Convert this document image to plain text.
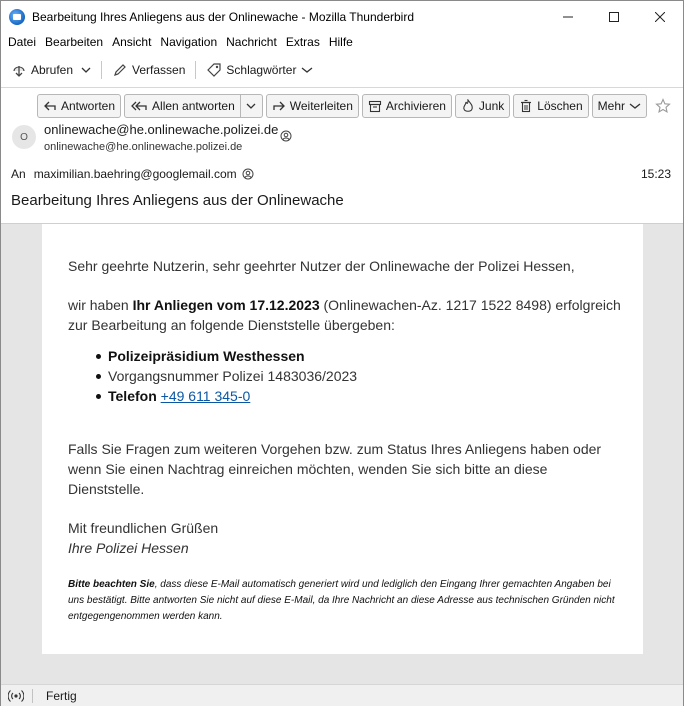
Bearbeitung Ihres Anliegens aus der Onlinewache - Mozilla Thunderbird
Datei Bearbeiten Ansicht Navigation Nachricht Extras Hilfe
Abrufen	Verfassen	Schlagwörter
Antworten	Allen antworten	Weiterleiten	Archivieren	Junk	Löschen Mehr
O	onlinewache@he.onlinewache.polizei.de
onlinewache@he.onlinewache.polizei.de
An maximilian.baehring@googlemail.com	15:23
Bearbeitung Ihres Anliegens aus der Onlinewache

Sehr geehrte Nutzerin, sehr geehrter Nutzer der Onlinewache der Polizei Hessen,

wir haben Ihr Anliegen vom 17.12.2023 (Onlinewachen-Az. 1217 1522 8498) erfolgreich zur Bearbeitung an folgende Dienststelle übergeben:

Polizeipräsidium Westhessen
Vorgangsnummer Polizei 1483036/2023
Telefon +49 611 345-0

Falls Sie Fragen zum weiteren Vorgehen bzw. zum Status Ihres Anliegens haben oder wenn Sie einen Nachtrag einreichen möchten, wenden Sie sich bitte an diese Dienststelle.

Mit freundlichen Grüßen

Ihre Polizei Hessen

Bitte beachten Sie, dass diese E-Mail automatisch generiert wird und lediglich den Eingang Ihrer gemachten Angaben bei uns bestätigt. Bitte antworten Sie nicht auf diese E-Mail, da Ihre Nachricht an diese Adresse aus technischen Gründen nicht entgegengenommen werden kann.

Fertig
